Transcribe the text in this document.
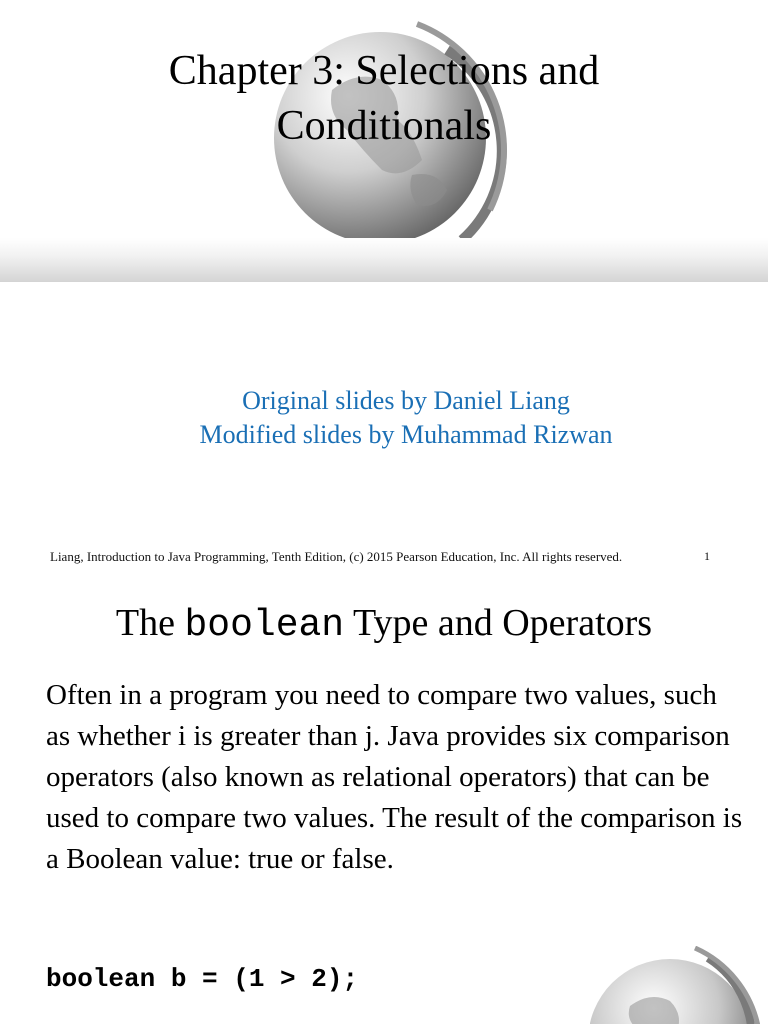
Chapter 3: Selections and
Conditionals
Original slides by Daniel Liang
Modified slides by Muhammad Rizwan
Liang, Introduction to Java Programming, Tenth Edition, (c) 2015 Pearson Education, Inc. All rights reserved.	1
The boolean Type and Operators
Often in a program you need to compare two values, such as whether i is greater than j. Java provides six comparison operators (also known as relational operators) that can be used to compare two values. The result of the comparison is a Boolean value: true or false.
boolean b = (1 > 2);
